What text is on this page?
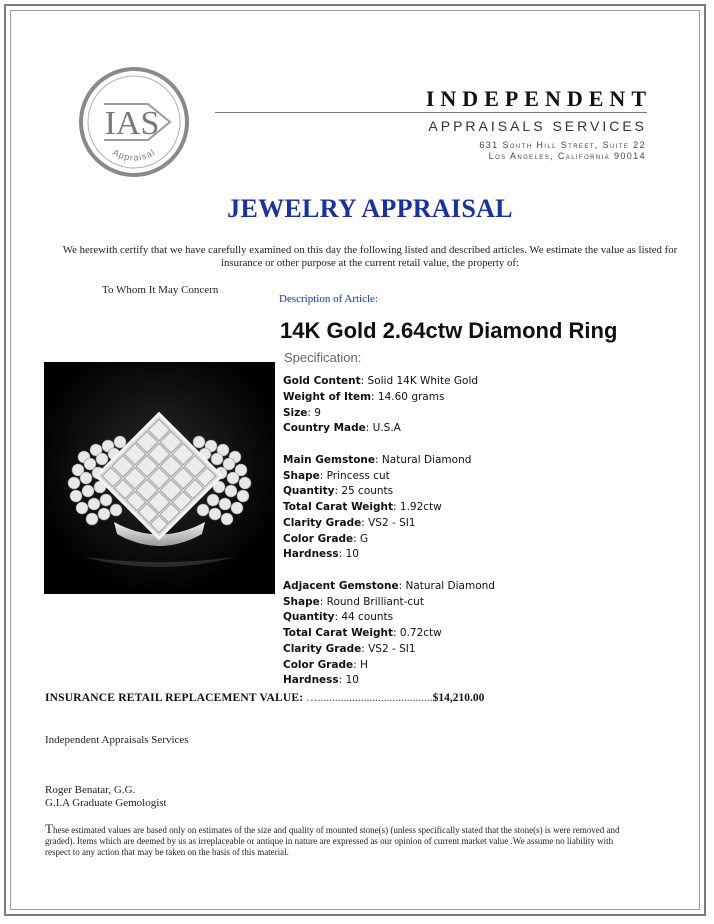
IAS
Appraisal
INDEPENDENT
APPRAISALS SERVICES
631 South Hill Street, Suite 22
Los Angeles, California 90014
JEWELRY APPRAISAL
We herewith certify that we have carefully examined on this day the following listed and described articles. We estimate the value as listed for insurance or other purpose at the current retail value, the property of:
To Whom It May Concern
Description of Article:
14K Gold 2.64ctw Diamond Ring
Specification:
Gold Content: Solid 14K White Gold
Weight of Item: 14.60 grams
Size: 9
Country Made: U.S.A
Main Gemstone: Natural Diamond
Shape: Princess cut
Quantity: 25 counts
Total Carat Weight: 1.92ctw
Clarity Grade: VS2 - SI1
Color Grade: G
Hardness: 10
Adjacent Gemstone: Natural Diamond
Shape: Round Brilliant-cut
Quantity: 44 counts
Total Carat Weight: 0.72ctw
Clarity Grade: VS2 - SI1
Color Grade: H
Hardness: 10
INSURANCE RETAIL REPLACEMENT VALUE: …........................................$14,210.00
Independent Appraisals Services
Roger Benatar, G.G.
G.I.A Graduate Gemologist
These estimated values are based only on estimates of the size and quality of mounted stone(s) (unless specifically stated that the stone(s) is were removed and graded). Items which are deemed by us as irreplaceable or antique in nature are expressed as our opinion of current market value .We assume no liability with respect to any action that may be taken on the basis of this material.
